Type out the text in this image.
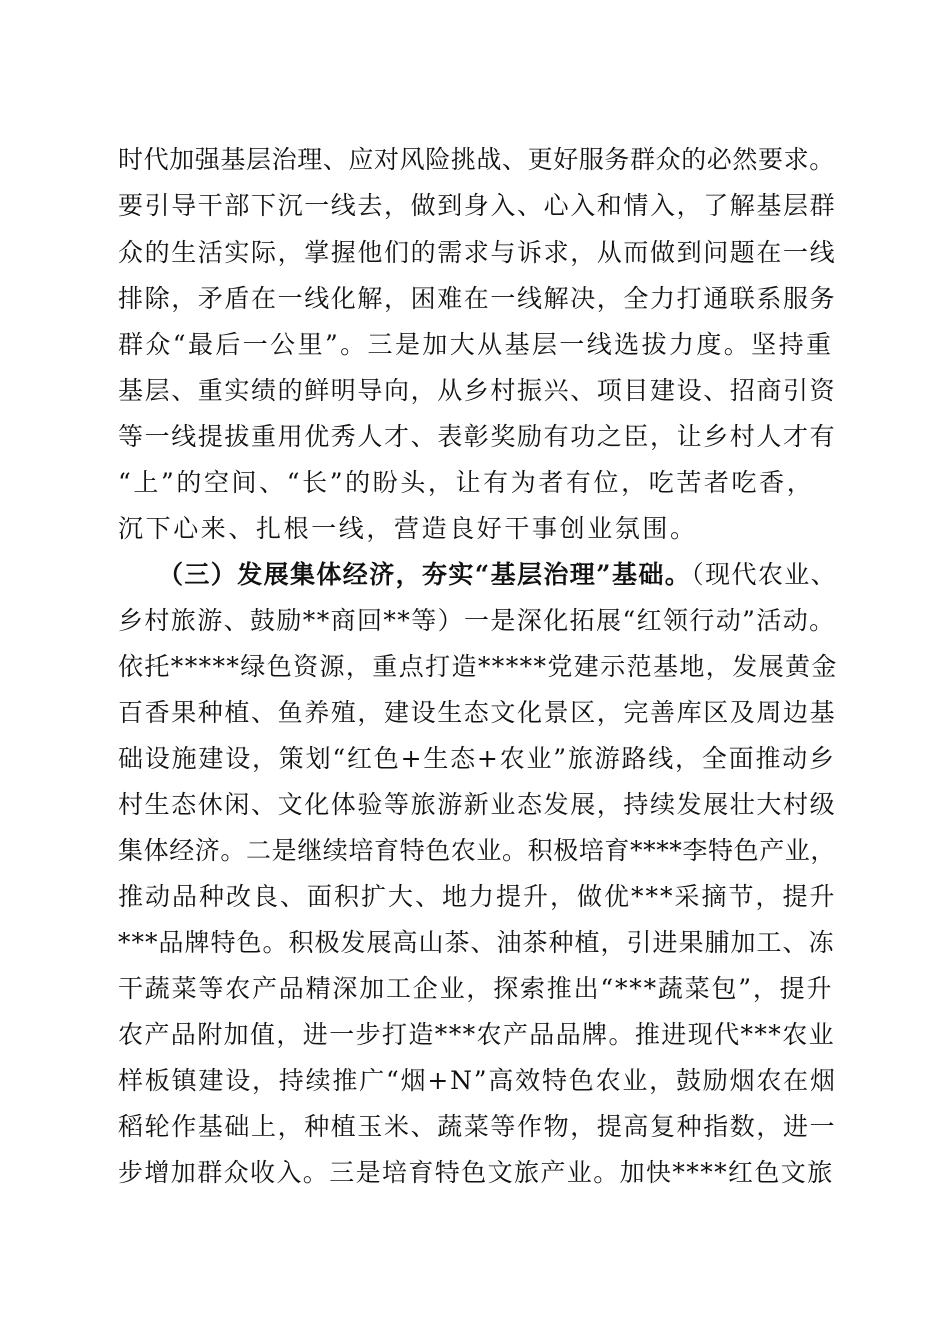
时代加强基层治理、应对风险挑战、更好服务群众的必然要求。
要引导干部下沉一线去，做到身入、心入和情入，了解基层群
众的生活实际，掌握他们的需求与诉求，从而做到问题在一线
排除，矛盾在一线化解，困难在一线解决，全力打通联系服务
群众“最后一公里”。三是加大从基层一线选拔力度。坚持重
基层、重实绩的鲜明导向，从乡村振兴、项目建设、招商引资
等一线提拔重用优秀人才、表彰奖励有功之臣，让乡村人才有
“上”的空间、“长”的盼头，让有为者有位，吃苦者吃香，
沉下心来、扎根一线，营造良好干事创业氛围。
（三）发展集体经济，夯实“基层治理”基础。（现代农业、
乡村旅游、鼓励**商回**等）一是深化拓展“红领行动”活动。
依托*****绿色资源，重点打造*****党建示范基地，发展黄金
百香果种植、鱼养殖，建设生态文化景区，完善库区及周边基
础设施建设，策划“红色+生态+农业”旅游路线，全面推动乡
村生态休闲、文化体验等旅游新业态发展，持续发展壮大村级
集体经济。二是继续培育特色农业。积极培育****李特色产业，
推动品种改良、面积扩大、地力提升，做优***采摘节，提升
***品牌特色。积极发展高山茶、油茶种植，引进果脯加工、冻
干蔬菜等农产品精深加工企业，探索推出“***蔬菜包”，提升
农产品附加值，进一步打造***农产品品牌。推进现代***农业
样板镇建设，持续推广“烟+N”高效特色农业，鼓励烟农在烟
稻轮作基础上，种植玉米、蔬菜等作物，提高复种指数，进一
步增加群众收入。三是培育特色文旅产业。加快****红色文旅
